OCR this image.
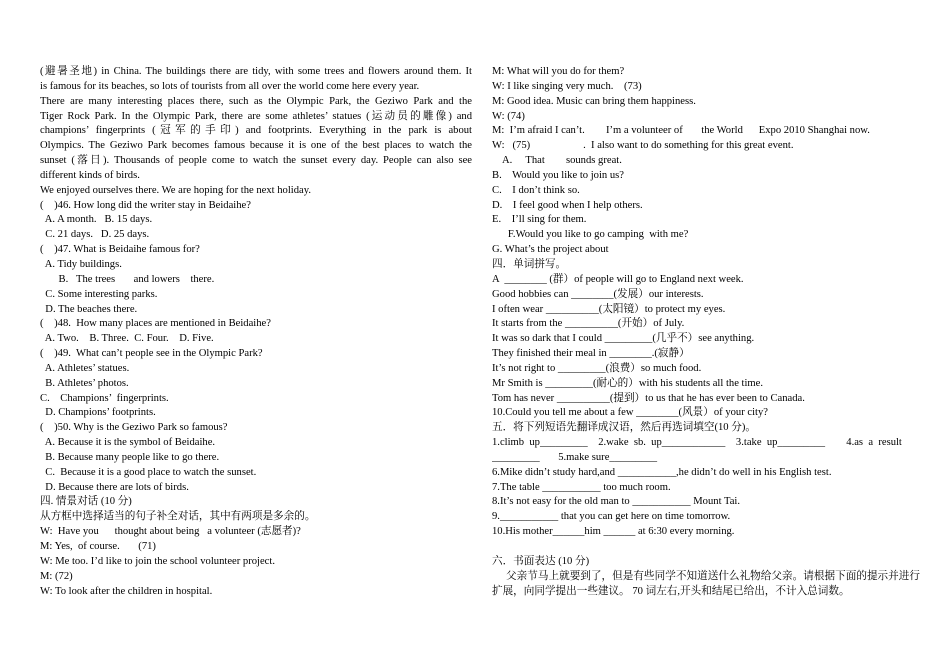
(避暑圣地) in China. The buildings there are tidy, with some trees and flowers around them. It
is famous for its beaches, so lots of tourists from all over the world come here every year.
There are many interesting places there, such as the Olympic Park, the Geziwo Park and the
Tiger Rock Park. In the Olympic Park, there are some athletes’ statues (运动员的雕像) and
champions’ fingerprints (冠军的手印) and footprints. Everything in the park is about
Olympics. The Geziwo Park becomes famous because it is one of the best places to watch the
sunset (落日). Thousands of people come to watch the sunset every day. People can also see
different kinds of birds.
We enjoyed ourselves there. We are hoping for the next holiday.
(    )46. How long did the writer stay in Beidaihe?
A. A month.   B. 15 days.
C. 21 days.   D. 25 days.
(    )47. What is Beidaihe famous for?
A. Tidy buildings.
B.   The trees       and lowers    there.
C. Some interesting parks.
D. The beaches there.
(    )48.  How many places are mentioned in Beidaihe?
A. Two.    B. Three.  C. Four.    D. Five.
(    )49.  What can’t people see in the Olympic Park?
A. Athletes’ statues.
B. Athletes’ photos.
C.    Champions’  fingerprints.
D. Champions’ footprints.
(    )50. Why is the Geziwo Park so famous?
A. Because it is the symbol of Beidaihe.
B. Because many people like to go there.
C.  Because it is a good place to watch the sunset.
D. Because there are lots of birds.
四. 情景对话 (10 分)
从方框中选择适当的句子补全对话，其中有两项是多余的。
W:  Have you      thought about being   a volunteer (志愿者)?
M: Yes,  of course.       (71)
W: Me too. I’d like to join the school volunteer project.
M: (72)
W: To look after the children in hospital.
M: What will you do for them?
W: I like singing very much.    (73)
M: Good idea. Music can bring them happiness.
W: (74)
M:  I’m afraid I can’t.        I’m a volunteer of       the World      Expo 2010 Shanghai now.
W:   (75)                    .  I also want to do something for this great event.
A.     That        sounds great.
B.    Would you like to join us?
C.    I don’t think so.
D.    I feel good when I help others.
E.    I’ll sing for them.
F.Would you like to go camping  with me?
G. What’s the project about
四．单词拼写。
A  ________ (群）of people will go to England next week.
Good hobbies can ________(发展）our interests.
I often wear __________(太阳镜）to protect my eyes.
It starts from the __________(开始）of July.
It was so dark that I could _________(几乎不）see anything.
They finished their meal in ________.(寂静）
It’s not right to _________(浪费）so much food.
Mr Smith is _________(耐心的）with his students all the time.
Tom has never __________(提到）to us that he has ever been to Canada.
10.Could you tell me about a few ________(风景）of your city?
五．将下列短语先翻译成汉语，然后再选词填空(10 分)。
1.climb  up_________    2.wake  sb.  up____________    3.take  up_________        4.as  a  result
_________       5.make sure_________
6.Mike didn’t study hard,and ___________,he didn’t do well in his English test.
7.The table ___________ too much room.
8.It’s not easy for the old man to ___________ Mount Tai.
9.___________ that you can get here on time tomorrow.
10.His mother______him ______ at 6:30 every morning.
六．书面表达 (10 分)
父亲节马上就要到了，但是有些同学不知道送什么礼物给父亲。请根据下面的提示并进行扩展，向同学提出一些建议。 70 词左右,开头和结尾已给出，不计入总词数。
